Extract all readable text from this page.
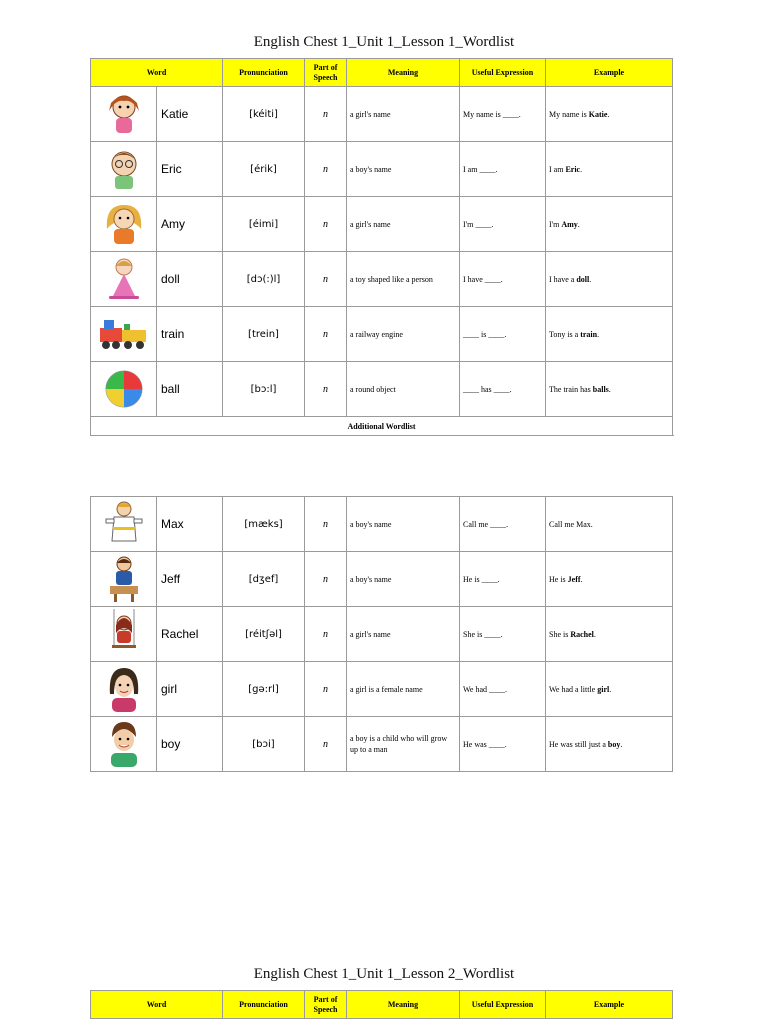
English Chest 1_Unit 1_Lesson 1_Wordlist
Word		Pronunciation	Part of Speech	Meaning	Useful Expression	Example

	Katie	[kéiti]	n	a girl's name	My name is ____.	My name is Katie.

	Eric	[érik]	n	a boy's name	I am ____.	I am Eric.

	Amy	[éimi]	n	a girl's name	I'm ____.	I'm Amy.

	doll	[dɔ(:)l]	n	a toy shaped like a person	I have ____.	I have a doll.

	train	[trein]	n	a railway engine	____ is ____.	Tony is a train.

	ball	[bɔ:l]	n	a round object	____ has ____.	The train has balls.
Additional Wordlist						
	Max	[mæks]	n	a boy's name	Call me ____.	Call me Max.

	Jeff	[dʒef]	n	a boy's name	He is ____.	He is Jeff.

	Rachel	[réitʃəl]	n	a girl's name	She is ____.	She is Rachel.

	girl	[gə:rl]	n	a girl is a female name	We had ____.	We had a little girl.

	boy	[bɔi]	n	a boy is a child who will grow up to a man	He was ____.	He was still just a boy.
English Chest 1_Unit 1_Lesson 2_Wordlist
Word	Pronunciation	Part of Speech	Meaning	Useful Expression	Example
